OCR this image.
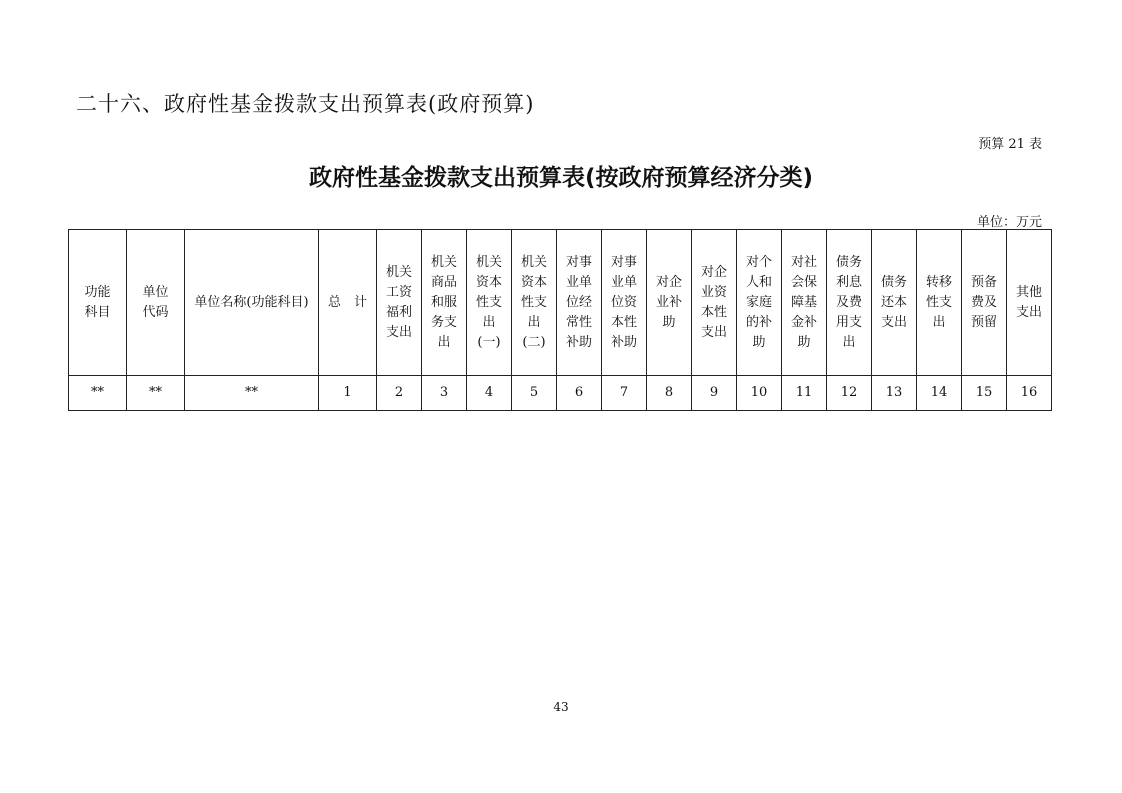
二十六、政府性基金拨款支出预算表(政府预算)
预算 21 表
政府性基金拨款支出预算表(按政府预算经济分类)
单位：万元
功能科目	单位代码	单位名称(功能科目)	总　计	机关工资福利支出	机关商品和服务支出	机关资本性支出(一)	机关资本性支出(二)	对事业单位经常性补助	对事业单位资本性补助	对企业补助	对企业资本性支出	对个人和家庭的补助	对社会保障基金补助	债务利息及费用支出	债务还本支出	转移性支出	预备费及预留	其他支出
**	**	**	1	2	3	4	5	6	7	8	9	10	11	12	13	14	15	16
43
